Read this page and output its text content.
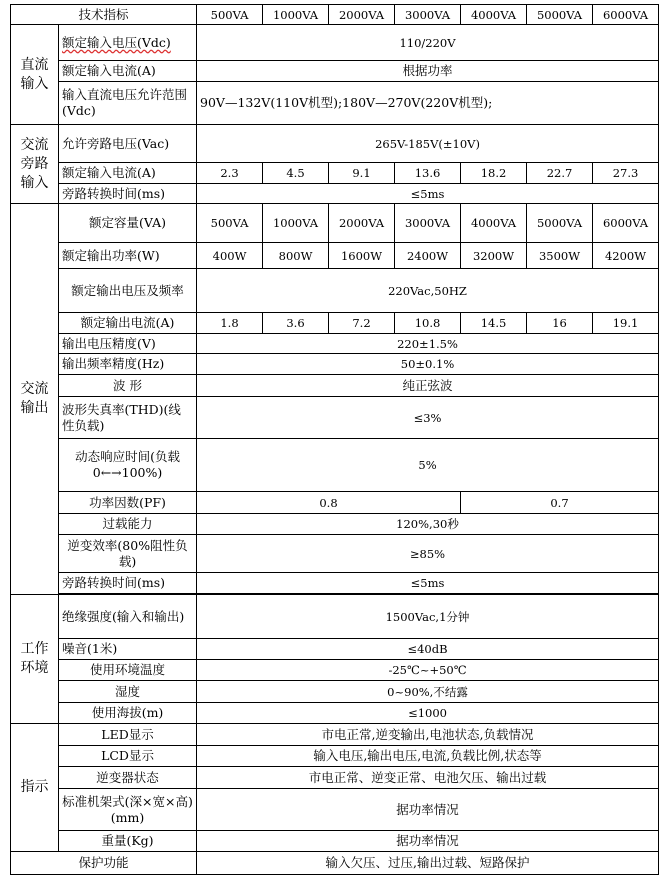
技术指标		500VA	1000VA	2000VA	3000VA	4000VA	5000VA	6000VA
直流输入	额定输入电压(Vdc)	110/220V						
	额定输入电流(A)	根据功率						
	输入直流电压允许范围(Vdc)	90V—132V(110V机型);180V—270V(220V机型);						
交流旁路输入	允许旁路电压(Vac)	265V-185V(±10V)						
	额定输入电流(A)	2.3	4.5	9.1	13.6	18.2	22.7	27.3
	旁路转换时间(ms)	≤5ms						
交流输出	额定容量(VA)	500VA	1000VA	2000VA	3000VA	4000VA	5000VA	6000VA
	额定输出功率(W)	400W	800W	1600W	2400W	3200W	3500W	4200W
	额定输出电压及频率	220Vac,50HZ						
	额定输出电流(A)	1.8	3.6	7.2	10.8	14.5	16	19.1
	输出电压精度(V)	220±1.5%						
	输出频率精度(Hz)	50±0.1%						
	波 形	纯正弦波						
	波形失真率(THD)(线性负载)	≤3%						
	动态响应时间(负载0←→100%)	5%						
	功率因数(PF)	0.8				0.7		
	过载能力	120%,30秒						
	逆变效率(80%阻性负载)	≥85%						
	旁路转换时间(ms)	≤5ms						

工作环境	绝缘强度(输入和输出)	1500Vac,1分钟						
	噪音(1米)	≤40dB						
	使用环境温度	-25℃~+50℃						
	湿度	0~90%,不结露						
	使用海拔(m)	≤1000						
指示	LED显示	市电正常,逆变输出,电池状态,负载情况						
	LCD显示	输入电压,输出电压,电流,负载比例,状态等						
	逆变器状态	市电正常、逆变正常、电池欠压、输出过载						
	标准机架式(深×宽×高)(mm)	据功率情况						
	重量(Kg)	据功率情况						
保护功能		输入欠压、过压,输出过载、短路保护						
